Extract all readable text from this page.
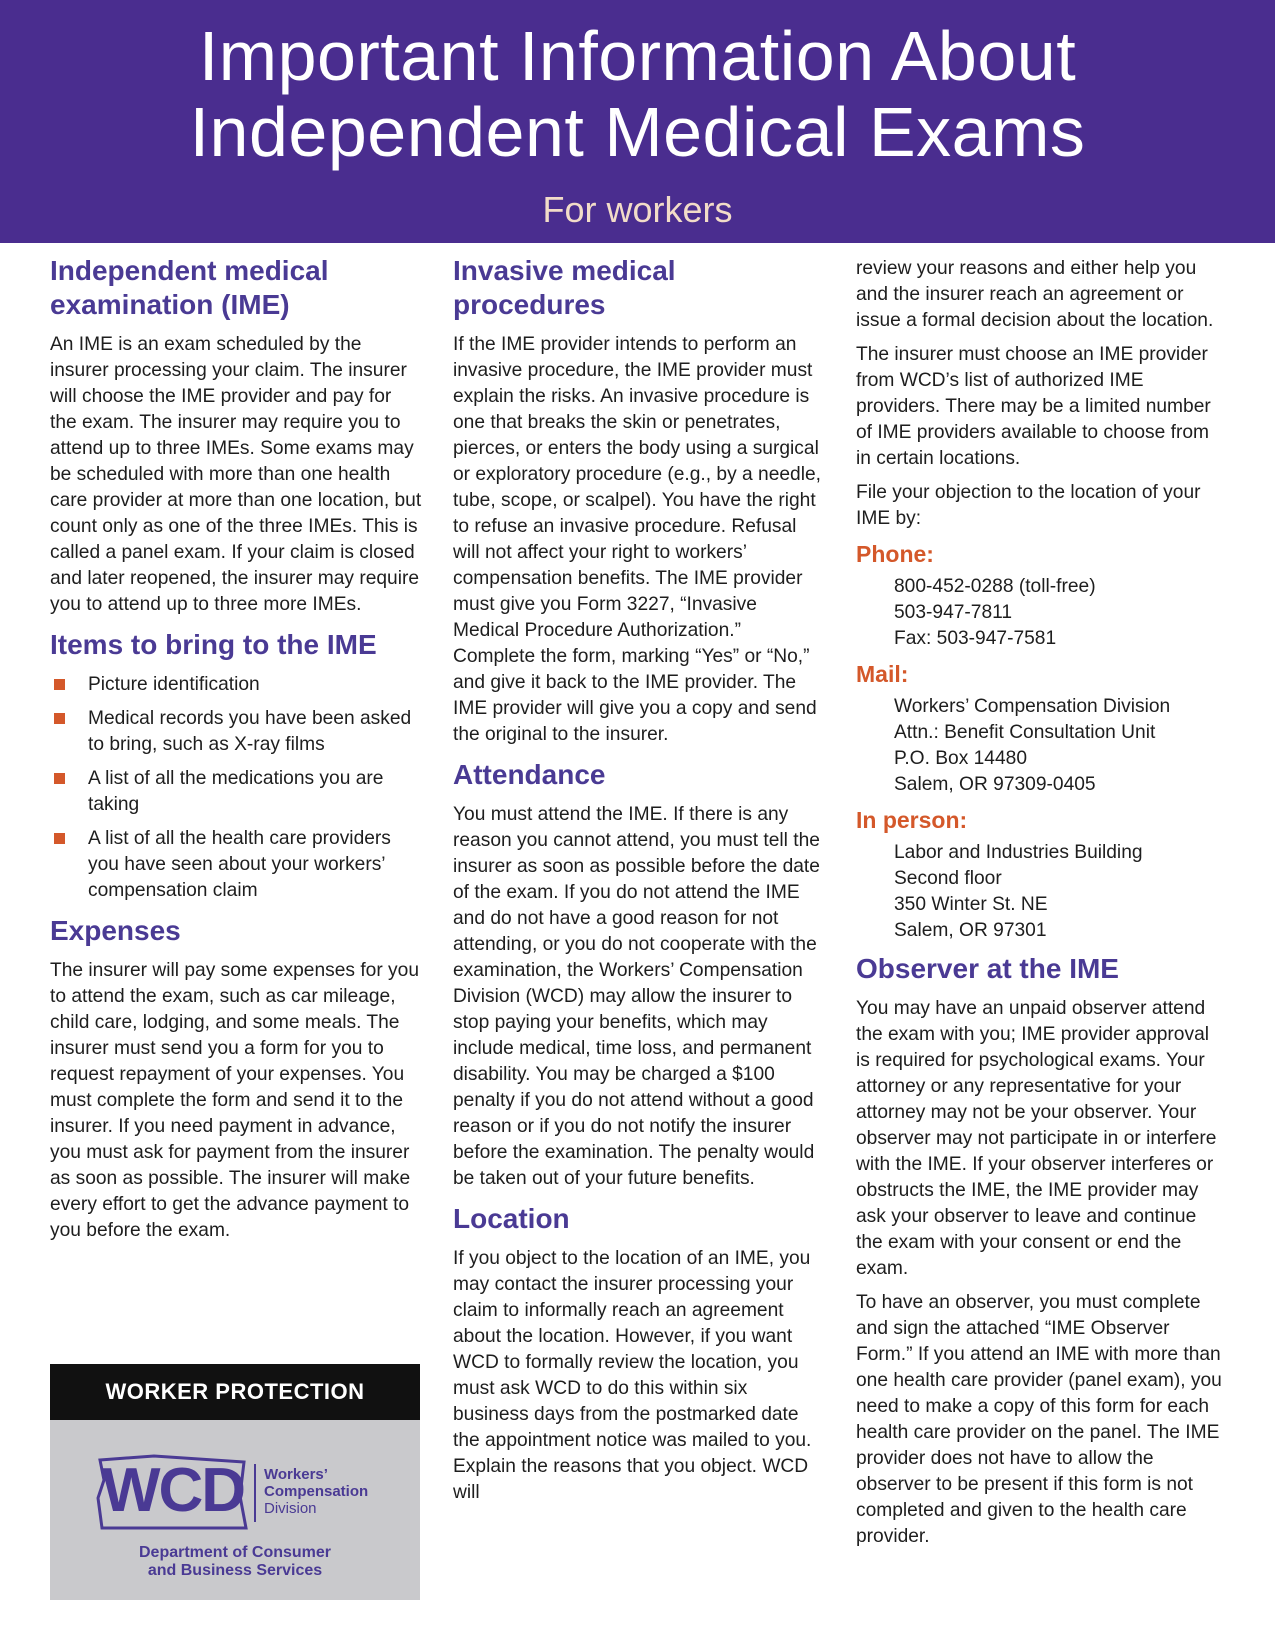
Important Information About
Independent Medical Exams
For workers
Independent medical examination (IME)

An IME is an exam scheduled by the insurer processing your claim. The insurer will choose the IME provider and pay for the exam. The insurer may require you to attend up to three IMEs. Some exams may be scheduled with more than one health care provider at more than one location, but count only as one of the three IMEs. This is called a panel exam. If your claim is closed and later reopened, the insurer may require you to attend up to three more IMEs.

Items to bring to the IME
Picture identification
Medical records you have been asked to bring, such as X-ray films
A list of all the medications you are taking
A list of all the health care providers you have seen about your workers’ compensation claim
Expenses

The insurer will pay some expenses for you to attend the exam, such as car mileage, child care, lodging, and some meals. The insurer must send you a form for you to request repayment of your expenses. You must complete the form and send it to the insurer. If you need payment in advance, you must ask for payment from the insurer as soon as possible. The insurer will make every effort to get the advance payment to you before the exam.

Invasive medical procedures

If the IME provider intends to perform an invasive procedure, the IME provider must explain the risks. An invasive procedure is one that breaks the skin or penetrates, pierces, or enters the body using a surgical or exploratory procedure (e.g., by a needle, tube, scope, or scalpel). You have the right to refuse an invasive procedure. Refusal will not affect your right to workers’ compensation benefits. The IME provider must give you Form 3227, “Invasive Medical Procedure Authorization.” Complete the form, marking “Yes” or “No,” and give it back to the IME provider. The IME provider will give you a copy and send the original to the insurer.

Attendance

You must attend the IME. If there is any reason you cannot attend, you must tell the insurer as soon as possible before the date of the exam. If you do not attend the IME and do not have a good reason for not attending, or you do not cooperate with the examination, the Workers’ Compensation Division (WCD) may allow the insurer to stop paying your benefits, which may include medical, time loss, and permanent disability. You may be charged a $100 penalty if you do not attend without a good reason or if you do not notify the insurer before the examination. The penalty would be taken out of your future benefits.

Location

If you object to the location of an IME, you may contact the insurer processing your claim to informally reach an agreement about the location. However, if you want WCD to formally review the location, you must ask WCD to do this within six business days from the postmarked date the appointment notice was mailed to you. Explain the reasons that you object. WCD will

review your reasons and either help you and the insurer reach an agreement or issue a formal decision about the location.

The insurer must choose an IME provider from WCD’s list of authorized IME providers. There may be a limited number of IME providers available to choose from in certain locations.

File your objection to the location of your IME by:

Phone:
800-452-0288 (toll-free)
503-947-7811
Fax: 503-947-7581
Mail:
Workers’ Compensation Division
Attn.: Benefit Consultation Unit
P.O. Box 14480
Salem, OR 97309-0405
In person:
Labor and Industries Building
Second floor
350 Winter St. NE
Salem, OR 97301
Observer at the IME

You may have an unpaid observer attend the exam with you; IME provider approval is required for psychological exams. Your attorney or any representative for your attorney may not be your observer. Your observer may not participate in or interfere with the IME. If your observer interferes or obstructs the IME, the IME provider may ask your observer to leave and continue the exam with your consent or end the exam.

To have an observer, you must complete and sign the attached “IME Observer Form.” If you attend an IME with more than one health care provider (panel exam), you need to make a copy of this form for each health care provider on the panel. The IME provider does not have to allow the observer to be present if this form is not completed and given to the health care provider.

WORKER PROTECTION
WCD	Workers’
Compensation
Division
Department of Consumer
and Business Services
